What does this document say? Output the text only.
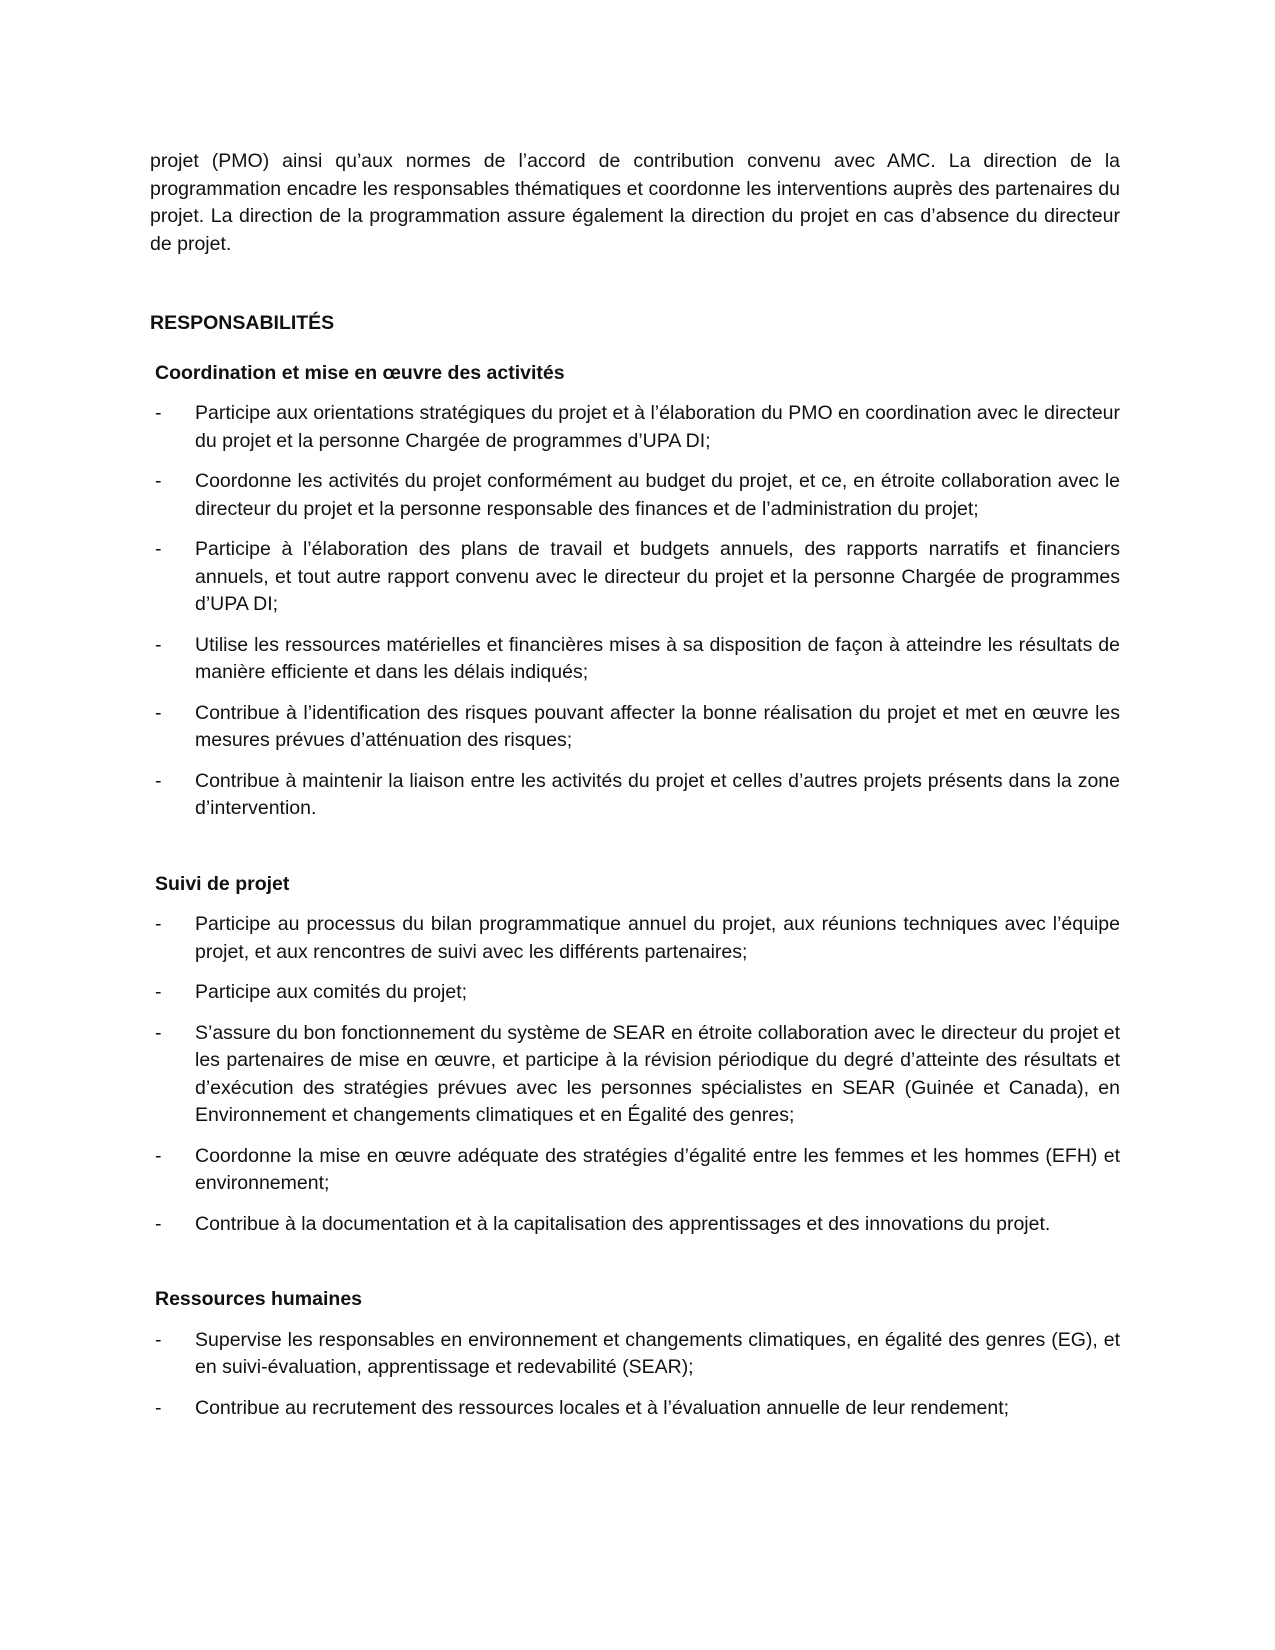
projet (PMO) ainsi qu’aux normes de l’accord de contribution convenu avec AMC. La direction de la programmation encadre les responsables thématiques et coordonne les interventions auprès des partenaires du projet. La direction de la programmation assure également la direction du projet en cas d’absence du directeur de projet.

RESPONSABILITÉS
Coordination et mise en œuvre des activités
- Participe aux orientations stratégiques du projet et à l’élaboration du PMO en coordination avec le directeur du projet et la personne Chargée de programmes d’UPA DI;
- Coordonne les activités du projet conformément au budget du projet, et ce, en étroite collaboration avec le directeur du projet et la personne responsable des finances et de l’administration du projet;
- Participe à l’élaboration des plans de travail et budgets annuels, des rapports narratifs et financiers annuels, et tout autre rapport convenu avec le directeur du projet et la personne Chargée de programmes d’UPA DI;
- Utilise les ressources matérielles et financières mises à sa disposition de façon à atteindre les résultats de manière efficiente et dans les délais indiqués;
- Contribue à l’identification des risques pouvant affecter la bonne réalisation du projet et met en œuvre les mesures prévues d’atténuation des risques;
- Contribue à maintenir la liaison entre les activités du projet et celles d’autres projets présents dans la zone d’intervention.
Suivi de projet
- Participe au processus du bilan programmatique annuel du projet, aux réunions techniques avec l’équipe projet, et aux rencontres de suivi avec les différents partenaires;
- Participe aux comités du projet;
- S’assure du bon fonctionnement du système de SEAR en étroite collaboration avec le directeur du projet et les partenaires de mise en œuvre, et participe à la révision périodique du degré d’atteinte des résultats et d’exécution des stratégies prévues avec les personnes spécialistes en SEAR (Guinée et Canada), en Environnement et changements climatiques et en Égalité des genres;
- Coordonne la mise en œuvre adéquate des stratégies d’égalité entre les femmes et les hommes (EFH) et environnement;
- Contribue à la documentation et à la capitalisation des apprentissages et des innovations du projet.
Ressources humaines
- Supervise les responsables en environnement et changements climatiques, en égalité des genres (EG), et en suivi-évaluation, apprentissage et redevabilité (SEAR);
- Contribue au recrutement des ressources locales et à l’évaluation annuelle de leur rendement;
